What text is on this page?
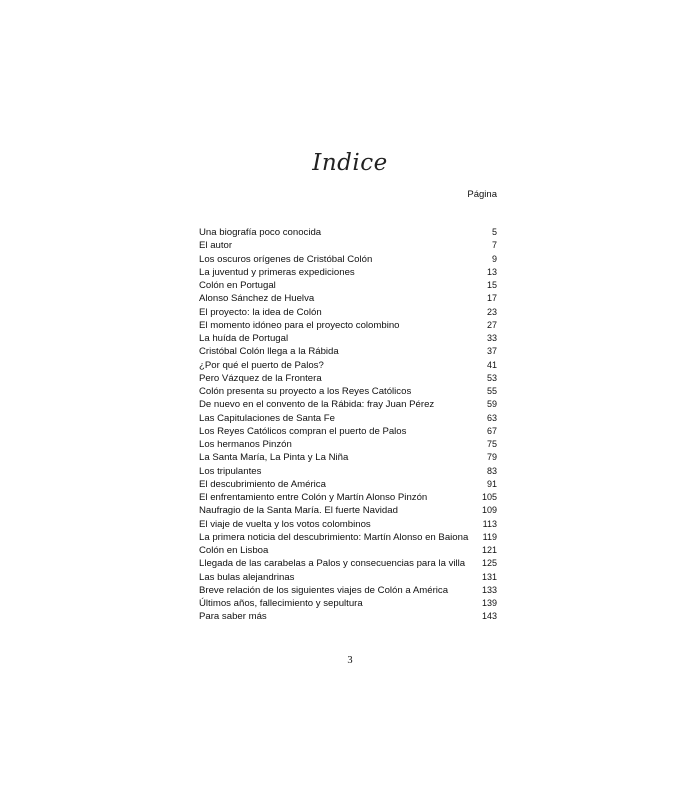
Indice
Página
Una biografía poco conocida	5
El autor	7
Los oscuros orígenes de Cristóbal Colón	9
La juventud y primeras expediciones	13
Colón en Portugal	15
Alonso Sánchez de Huelva	17
El proyecto: la idea de Colón	23
El momento idóneo para el proyecto colombino	27
La huída de Portugal	33
Cristóbal Colón llega a la Rábida	37
¿Por qué el puerto de Palos?	41
Pero Vázquez de la Frontera	53
Colón presenta su proyecto a los Reyes Católicos	55
De nuevo en el convento de la Rábida: fray Juan Pérez	59
Las Capitulaciones de Santa Fe	63
Los Reyes Católicos compran el puerto de Palos	67
Los hermanos Pinzón	75
La Santa María, La Pinta y La Niña	79
Los tripulantes	83
El descubrimiento de América	91
El enfrentamiento entre Colón y Martín Alonso Pinzón	105
Naufragio de la Santa María. El fuerte Navidad	109
El viaje de vuelta y los votos colombinos	113
La primera noticia del descubrimiento: Martín Alonso en Baiona	119
Colón en Lisboa	121
Llegada de las carabelas a Palos y consecuencias para la villa	125
Las bulas alejandrinas	131
Breve relación de los siguientes viajes de Colón a América	133
Últimos años, fallecimiento y sepultura	139
Para saber más	143
3
